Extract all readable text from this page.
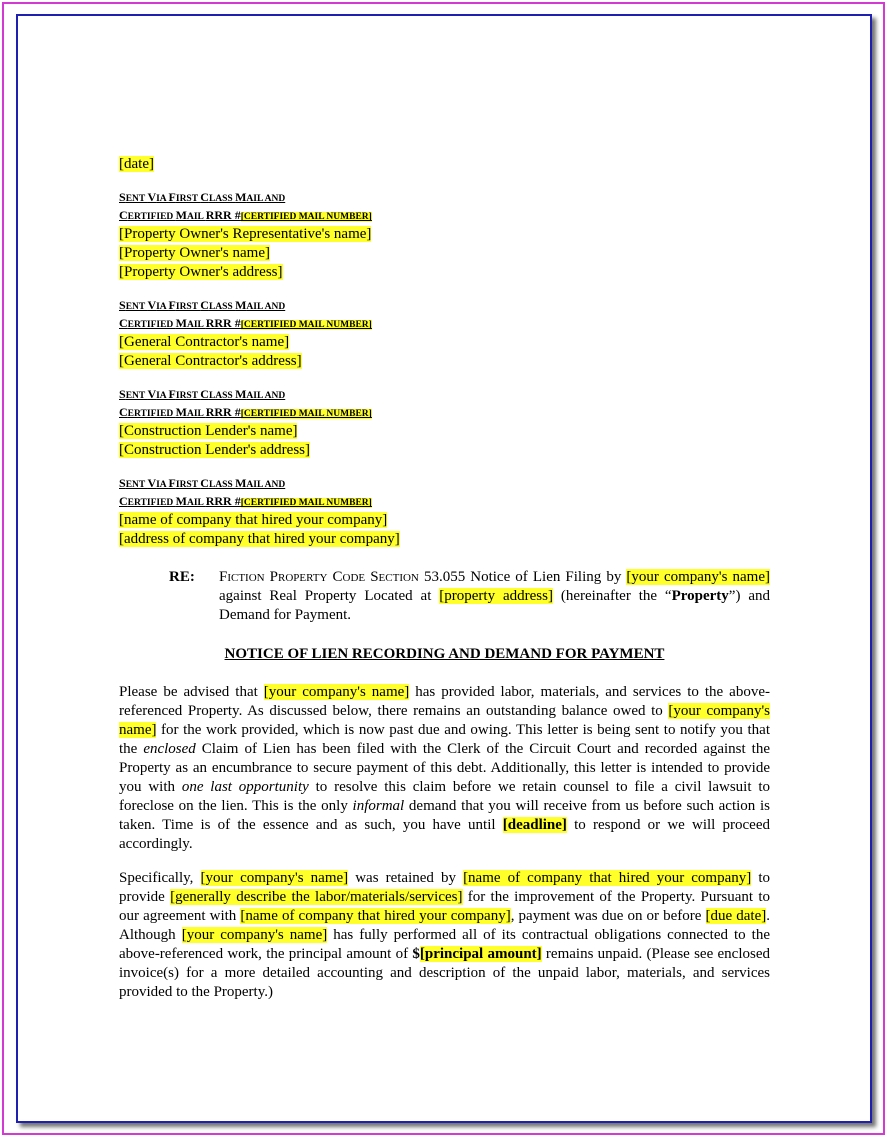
[date]
SENT VIA FIRST CLASS MAIL AND
CERTIFIED MAIL RRR #[CERTIFIED MAIL NUMBER]
[Property Owner's Representative's name]
[Property Owner's name]
[Property Owner's address]
SENT VIA FIRST CLASS MAIL AND
CERTIFIED MAIL RRR #[CERTIFIED MAIL NUMBER]
[General Contractor's name]
[General Contractor's address]
SENT VIA FIRST CLASS MAIL AND
CERTIFIED MAIL RRR #[CERTIFIED MAIL NUMBER]
[Construction Lender's name]
[Construction Lender's address]
SENT VIA FIRST CLASS MAIL AND
CERTIFIED MAIL RRR #[CERTIFIED MAIL NUMBER]
[name of company that hired your company]
[address of company that hired your company]
RE: Fiction Property Code Section 53.055 Notice of Lien Filing by [your company's name] against Real Property Located at [property address] (hereinafter the “Property”) and Demand for Payment.
NOTICE OF LIEN RECORDING AND DEMAND FOR PAYMENT

Please be advised that [your company's name] has provided labor, materials, and services to the above-referenced Property. As discussed below, there remains an outstanding balance owed to [your company's name] for the work provided, which is now past due and owing. This letter is being sent to notify you that the enclosed Claim of Lien has been filed with the Clerk of the Circuit Court and recorded against the Property as an encumbrance to secure payment of this debt. Additionally, this letter is intended to provide you with one last opportunity to resolve this claim before we retain counsel to file a civil lawsuit to foreclose on the lien. This is the only informal demand that you will receive from us before such action is taken. Time is of the essence and as such, you have until [deadline] to respond or we will proceed accordingly.

Specifically, [your company's name] was retained by [name of company that hired your company] to provide [generally describe the labor/materials/services] for the improvement of the Property. Pursuant to our agreement with [name of company that hired your company], payment was due on or before [due date]. Although [your company's name] has fully performed all of its contractual obligations connected to the above-referenced work, the principal amount of $[principal amount] remains unpaid. (Please see enclosed invoice(s) for a more detailed accounting and description of the unpaid labor, materials, and services provided to the Property.)
